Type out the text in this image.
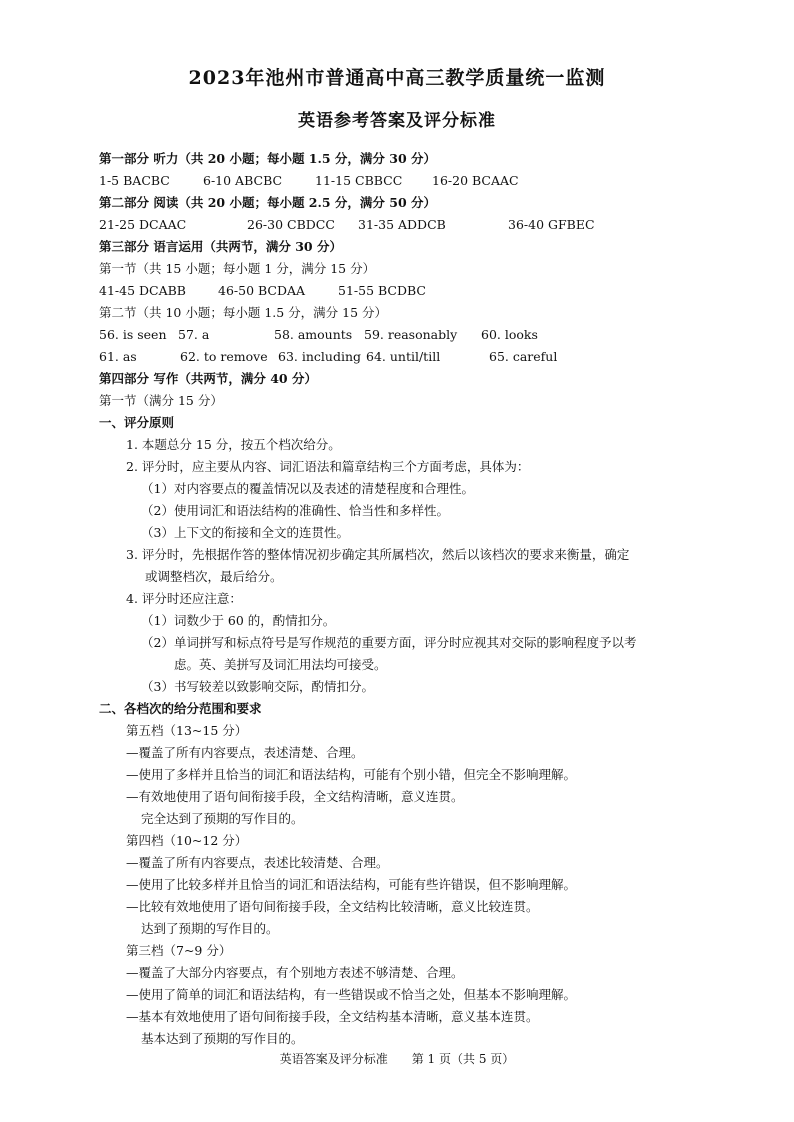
2023年池州市普通高中高三教学质量统一监测
英语参考答案及评分标准
第一部分 听力（共 20 小题；每小题 1.5 分，满分 30 分）
1-5 BACBC	6-10 ABCBC	11-15 CBBCC 16-20 BCAAC
第二部分 阅读（共 20 小题；每小题 2.5 分，满分 50 分）
21-25 DCAAC	26-30 CBDCC 31-35 ADDCB	36-40 GFBEC
第三部分 语言运用（共两节，满分 30 分）
第一节（共 15 小题；每小题 1 分，满分 15 分）
41-45 DCABB	46-50 BCDAA	51-55 BCDBC
第二节（共 10 小题；每小题 1.5 分，满分 15 分）
56. is seen 57. a	58. amounts 59. reasonably 60. looks
61. as	62. to remove 63. including 64. until/till	65. careful
第四部分 写作（共两节，满分 40 分）
第一节（满分 15 分）
一、评分原则
1. 本题总分 15 分，按五个档次给分。
2. 评分时，应主要从内容、词汇语法和篇章结构三个方面考虑，具体为：
（1）对内容要点的覆盖情况以及表述的清楚程度和合理性。
（2）使用词汇和语法结构的准确性、恰当性和多样性。
（3）上下文的衔接和全文的连贯性。
3. 评分时，先根据作答的整体情况初步确定其所属档次，然后以该档次的要求来衡量，确定
或调整档次，最后给分。
4. 评分时还应注意：
（1）词数少于 60 的，酌情扣分。
（2）单词拼写和标点符号是写作规范的重要方面，评分时应视其对交际的影响程度予以考
虑。英、美拼写及词汇用法均可接受。
（3）书写较差以致影响交际，酌情扣分。
二、各档次的给分范围和要求
第五档（13~15 分）
—覆盖了所有内容要点，表述清楚、合理。
—使用了多样并且恰当的词汇和语法结构，可能有个别小错，但完全不影响理解。
—有效地使用了语句间衔接手段，全文结构清晰，意义连贯。
完全达到了预期的写作目的。
第四档（10~12 分）
—覆盖了所有内容要点，表述比较清楚、合理。
—使用了比较多样并且恰当的词汇和语法结构，可能有些许错误，但不影响理解。
—比较有效地使用了语句间衔接手段，全文结构比较清晰，意义比较连贯。
达到了预期的写作目的。
第三档（7~9 分）
—覆盖了大部分内容要点，有个别地方表述不够清楚、合理。
—使用了简单的词汇和语法结构，有一些错误或不恰当之处，但基本不影响理解。
—基本有效地使用了语句间衔接手段，全文结构基本清晰，意义基本连贯。
基本达到了预期的写作目的。
英语答案及评分标准　　第 1 页（共 5 页）
